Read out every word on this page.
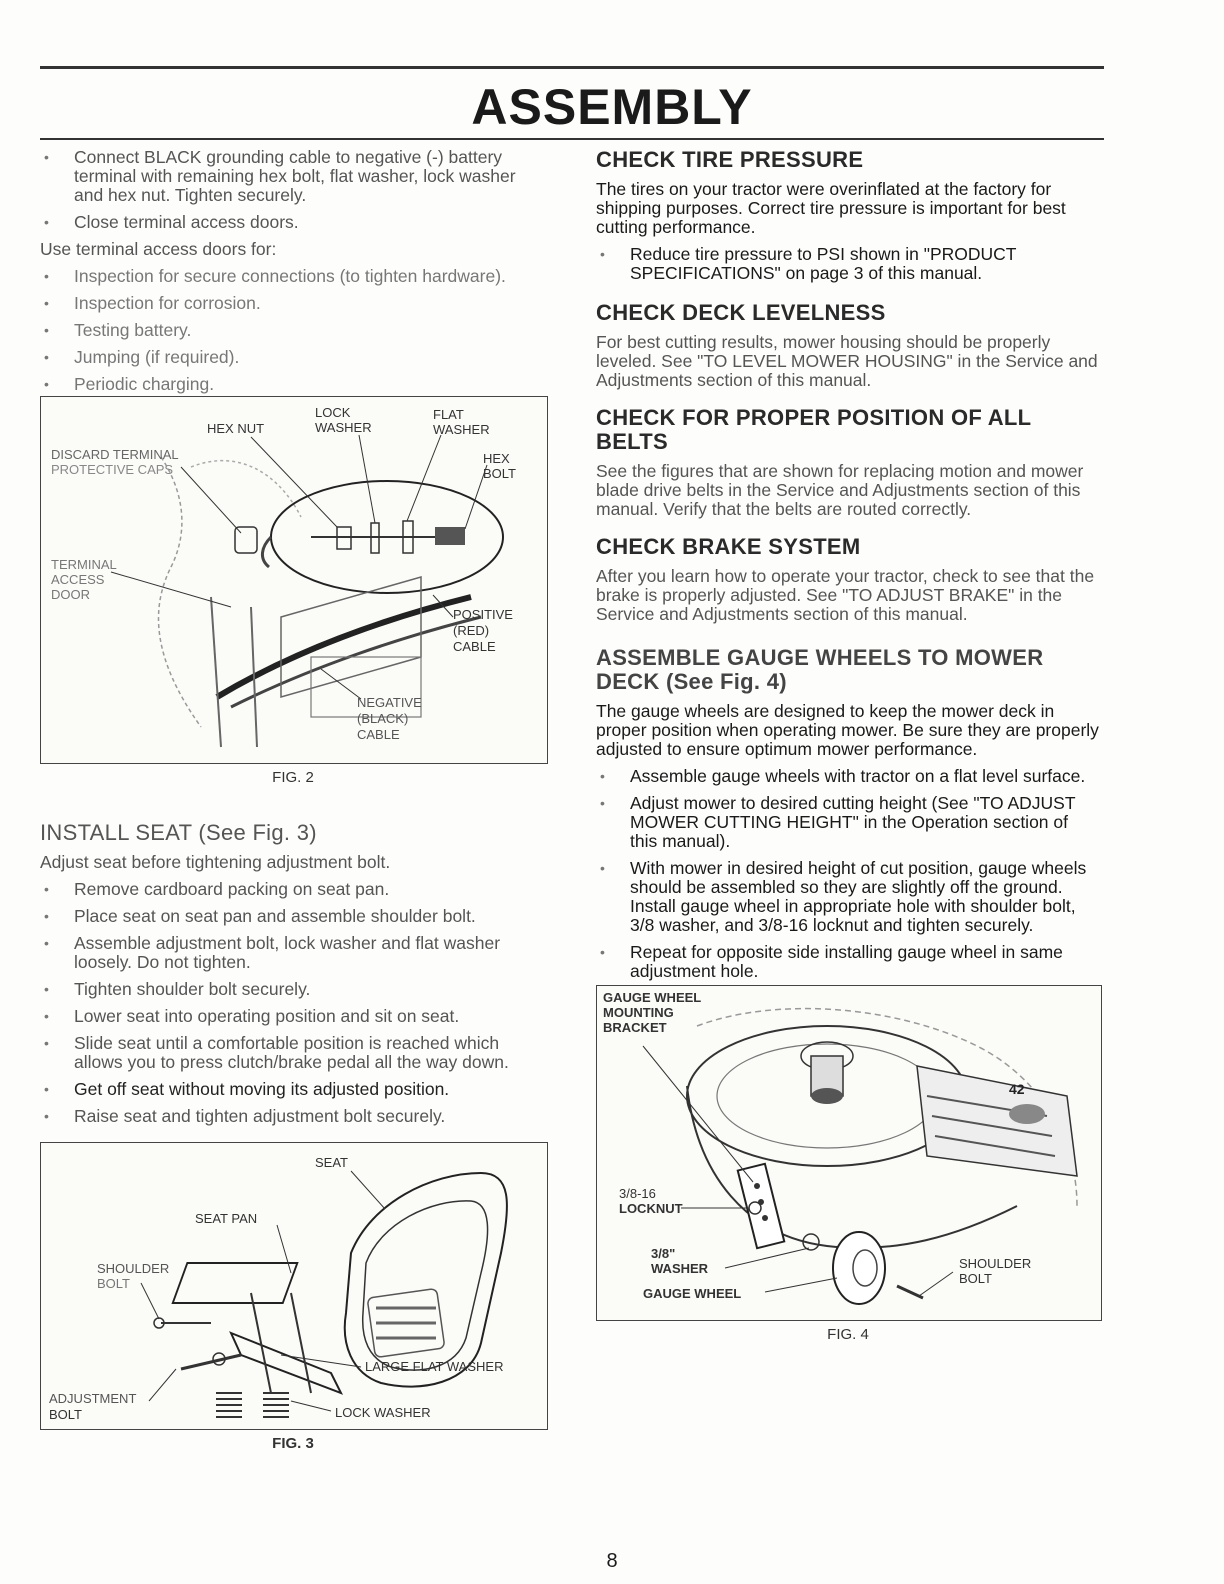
ASSEMBLY
• Connect BLACK grounding cable to negative (-) battery terminal with remaining hex bolt, flat washer, lock washer and hex nut. Tighten securely.
• Close terminal access doors.

Use terminal access doors for:

• Inspection for secure connections (to tighten hardware).
• Inspection for corrosion.
• Testing battery.
• Jumping (if required).
• Periodic charging.
HEX NUT
LOCK
WASHER
FLAT
WASHER
DISCARD TERMINAL
PROTECTIVE CAPS
HEX
BOLT
TERMINAL
ACCESS
DOOR
POSITIVE
(RED)
CABLE
NEGATIVE
(BLACK)
CABLE
FIG. 2
INSTALL SEAT (See Fig. 3)

Adjust seat before tightening adjustment bolt.

• Remove cardboard packing on seat pan.
• Place seat on seat pan and assemble shoulder bolt.
• Assemble adjustment bolt, lock washer and flat washer loosely. Do not tighten.
• Tighten shoulder bolt securely.
• Lower seat into operating position and sit on seat.
• Slide seat until a comfortable position is reached which allows you to press clutch/brake pedal all the way down.
• Get off seat without moving its adjusted position.
• Raise seat and tighten adjustment bolt securely.
SEAT
SEAT PAN
SHOULDER
BOLT
LARGE FLAT WASHER
ADJUSTMENT
BOLT	LOCK WASHER
FIG. 3
CHECK TIRE PRESSURE

The tires on your tractor were overinflated at the factory for shipping purposes. Correct tire pressure is important for best cutting performance.

• Reduce tire pressure to PSI shown in "PRODUCT SPECIFICATIONS" on page 3 of this manual.
CHECK DECK LEVELNESS

For best cutting results, mower housing should be properly leveled. See "TO LEVEL MOWER HOUSING" in the Service and Adjustments section of this manual.

CHECK FOR PROPER POSITION OF ALL BELTS

See the figures that are shown for replacing motion and mower blade drive belts in the Service and Adjustments section of this manual. Verify that the belts are routed correctly.

CHECK BRAKE SYSTEM

After you learn how to operate your tractor, check to see that the brake is properly adjusted. See "TO ADJUST BRAKE" in the Service and Adjustments section of this manual.

ASSEMBLE GAUGE WHEELS TO MOWER DECK (See Fig. 4)

The gauge wheels are designed to keep the mower deck in proper position when operating mower. Be sure they are properly adjusted to ensure optimum mower performance.

• Assemble gauge wheels with tractor on a flat level surface.
• Adjust mower to desired cutting height (See "TO ADJUST MOWER CUTTING HEIGHT" in the Operation section of this manual).
• With mower in desired height of cut position, gauge wheels should be assembled so they are slightly off the ground. Install gauge wheel in appropriate hole with shoulder bolt, 3/8 washer, and 3/8-16 locknut and tighten securely.
• Repeat for opposite side installing gauge wheel in same adjustment hole.
42
GAUGE WHEEL
MOUNTING
BRACKET
3/8-16
LOCKNUT
3/8"
WASHER
GAUGE WHEEL
SHOULDER
BOLT
FIG. 4
8
